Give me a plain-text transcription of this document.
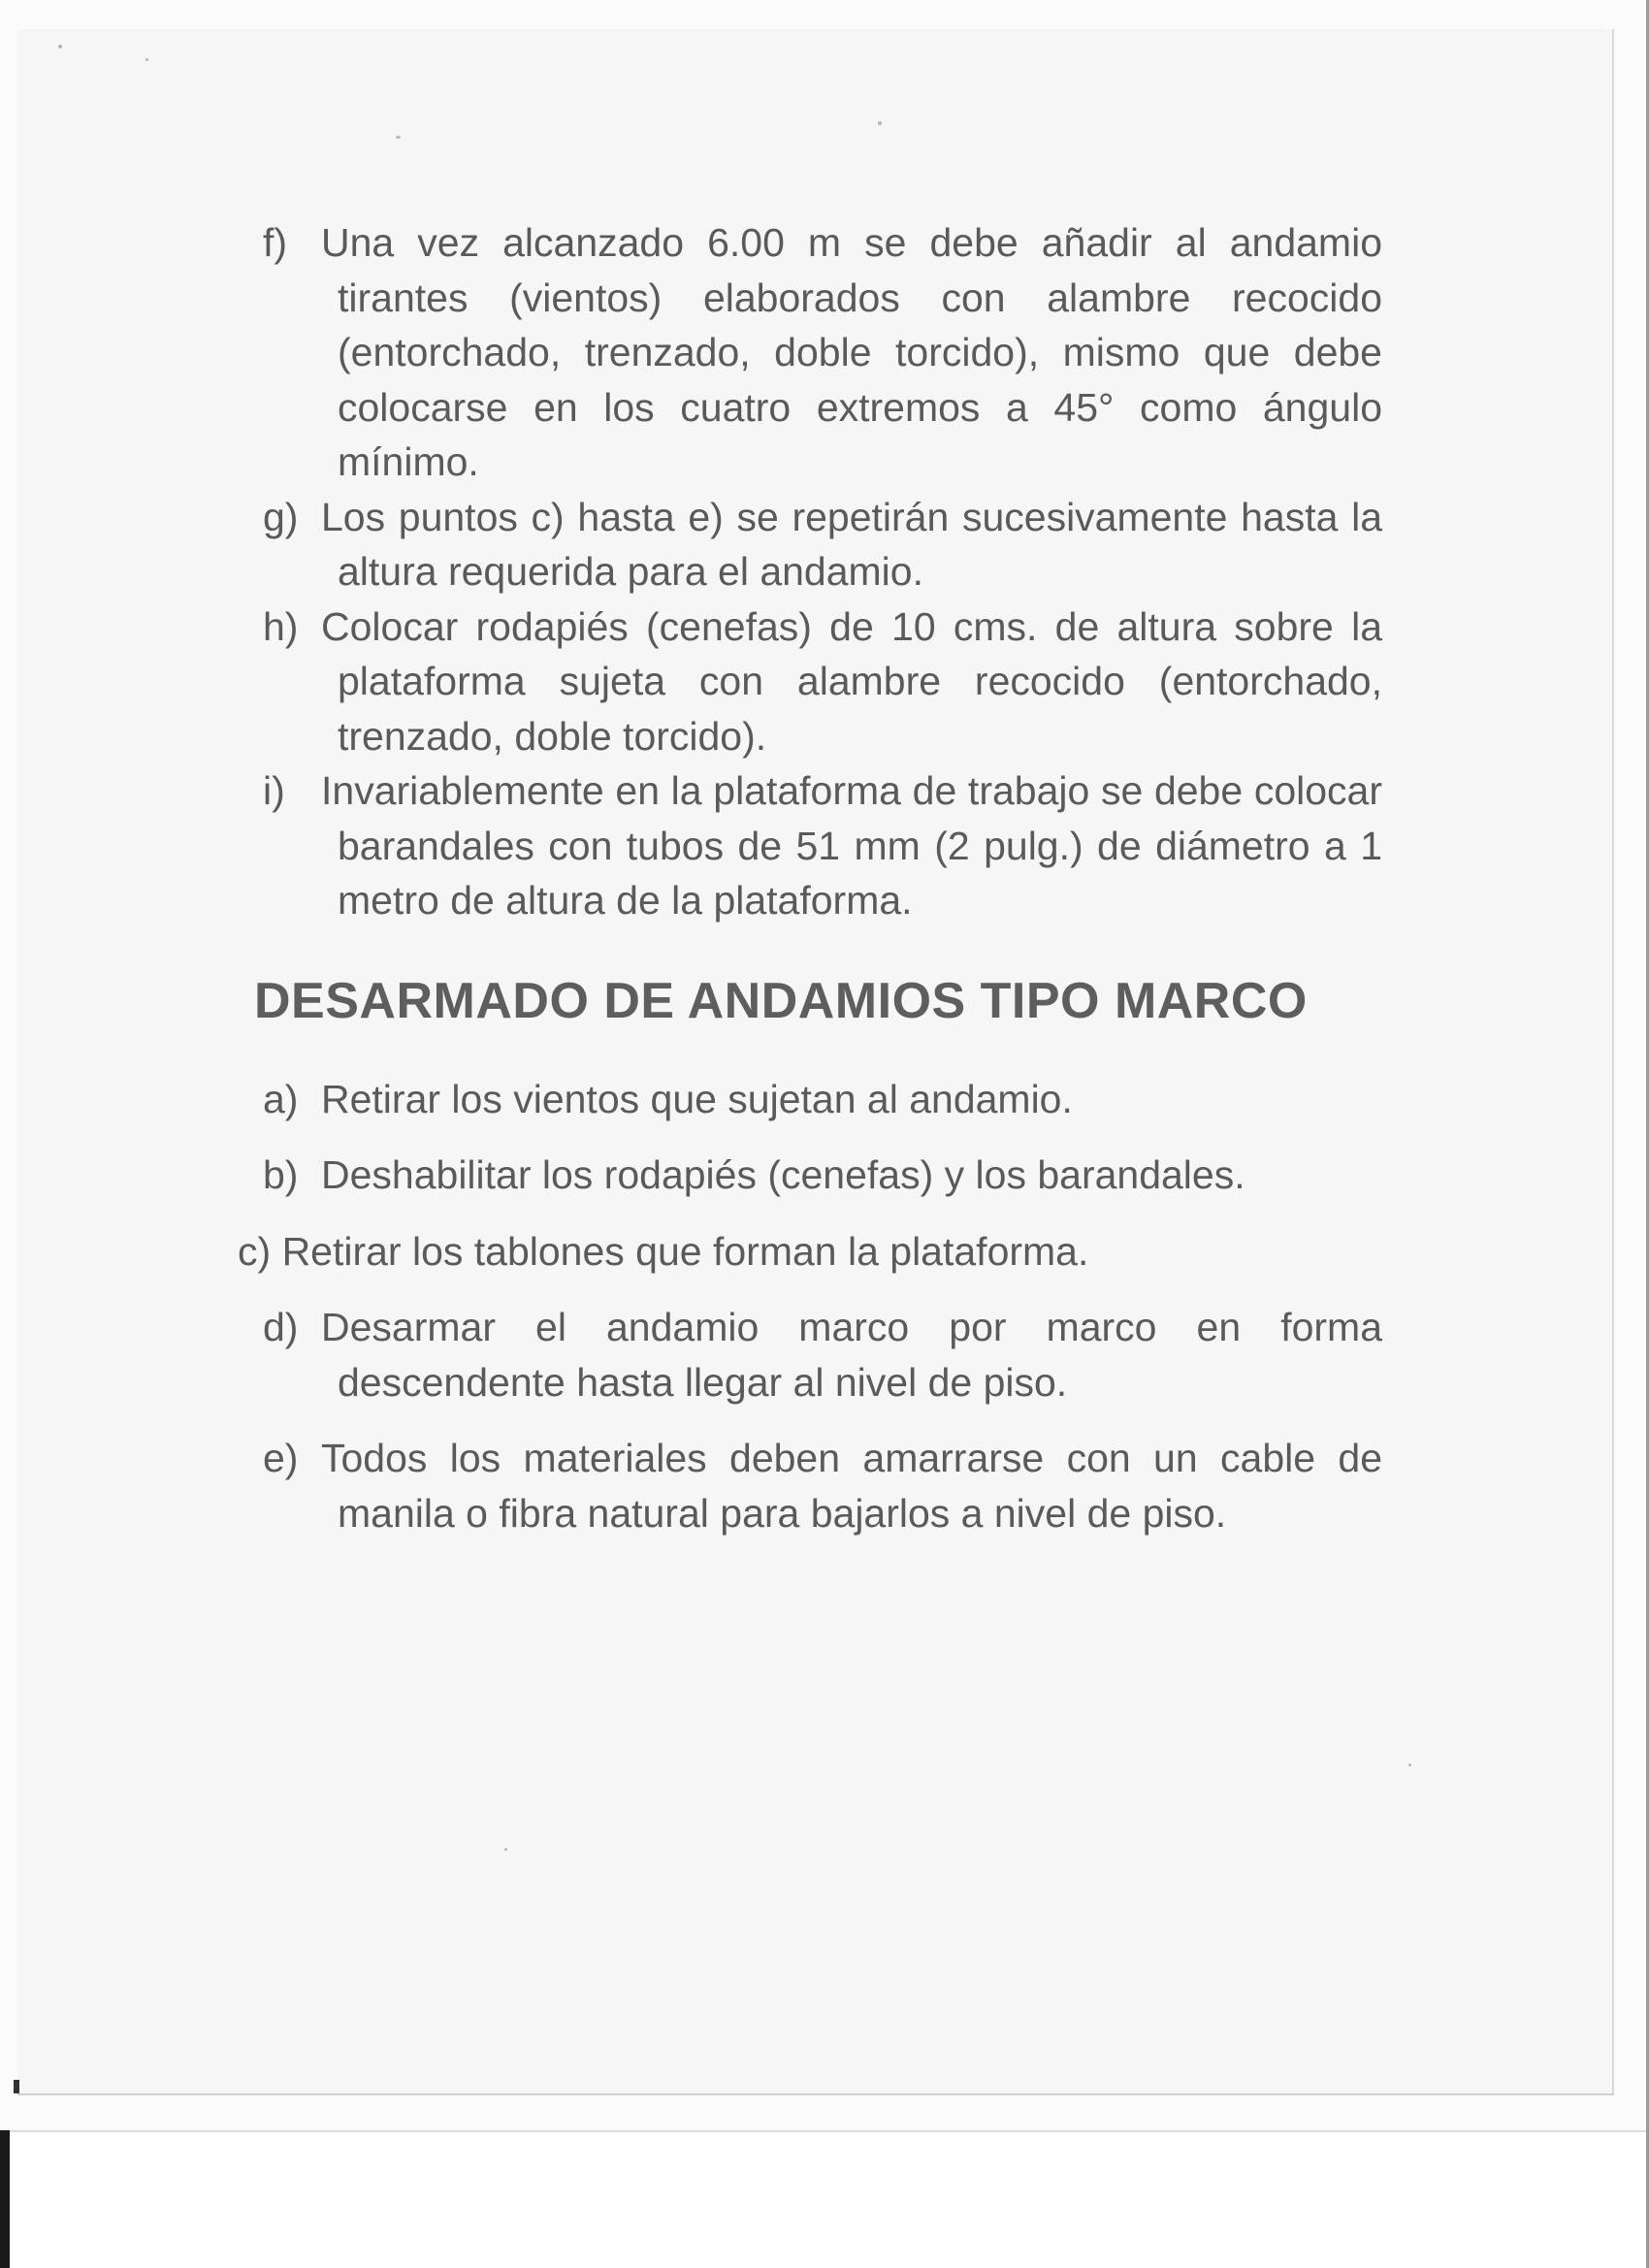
f) Una vez alcanzado 6.00 m se debe añadir al andamio tirantes (vientos) elaborados con alambre recocido (entorchado, trenzado, doble torcido), mismo que debe colocarse en los cuatro extremos a 45° como ángulo mínimo.

g) Los puntos c) hasta e) se repetirán sucesivamente hasta la altura requerida para el andamio.

h) Colocar rodapiés (cenefas) de 10 cms. de altura sobre la plataforma sujeta con alambre recocido (entorchado, trenzado, doble torcido).

i) Invariablemente en la plataforma de trabajo se debe colocar barandales con tubos de 51 mm (2 pulg.) de diámetro a 1 metro de altura de la plataforma.

DESARMADO DE ANDAMIOS TIPO MARCO

a) Retirar los vientos que sujetan al andamio.

b) Deshabilitar los rodapiés (cenefas) y los barandales.

c) Retirar los tablones que forman la plataforma.

d) Desarmar el andamio marco por marco en forma descendente hasta llegar al nivel de piso.

e) Todos los materiales deben amarrarse con un cable de manila o fibra natural para bajarlos a nivel de piso.
